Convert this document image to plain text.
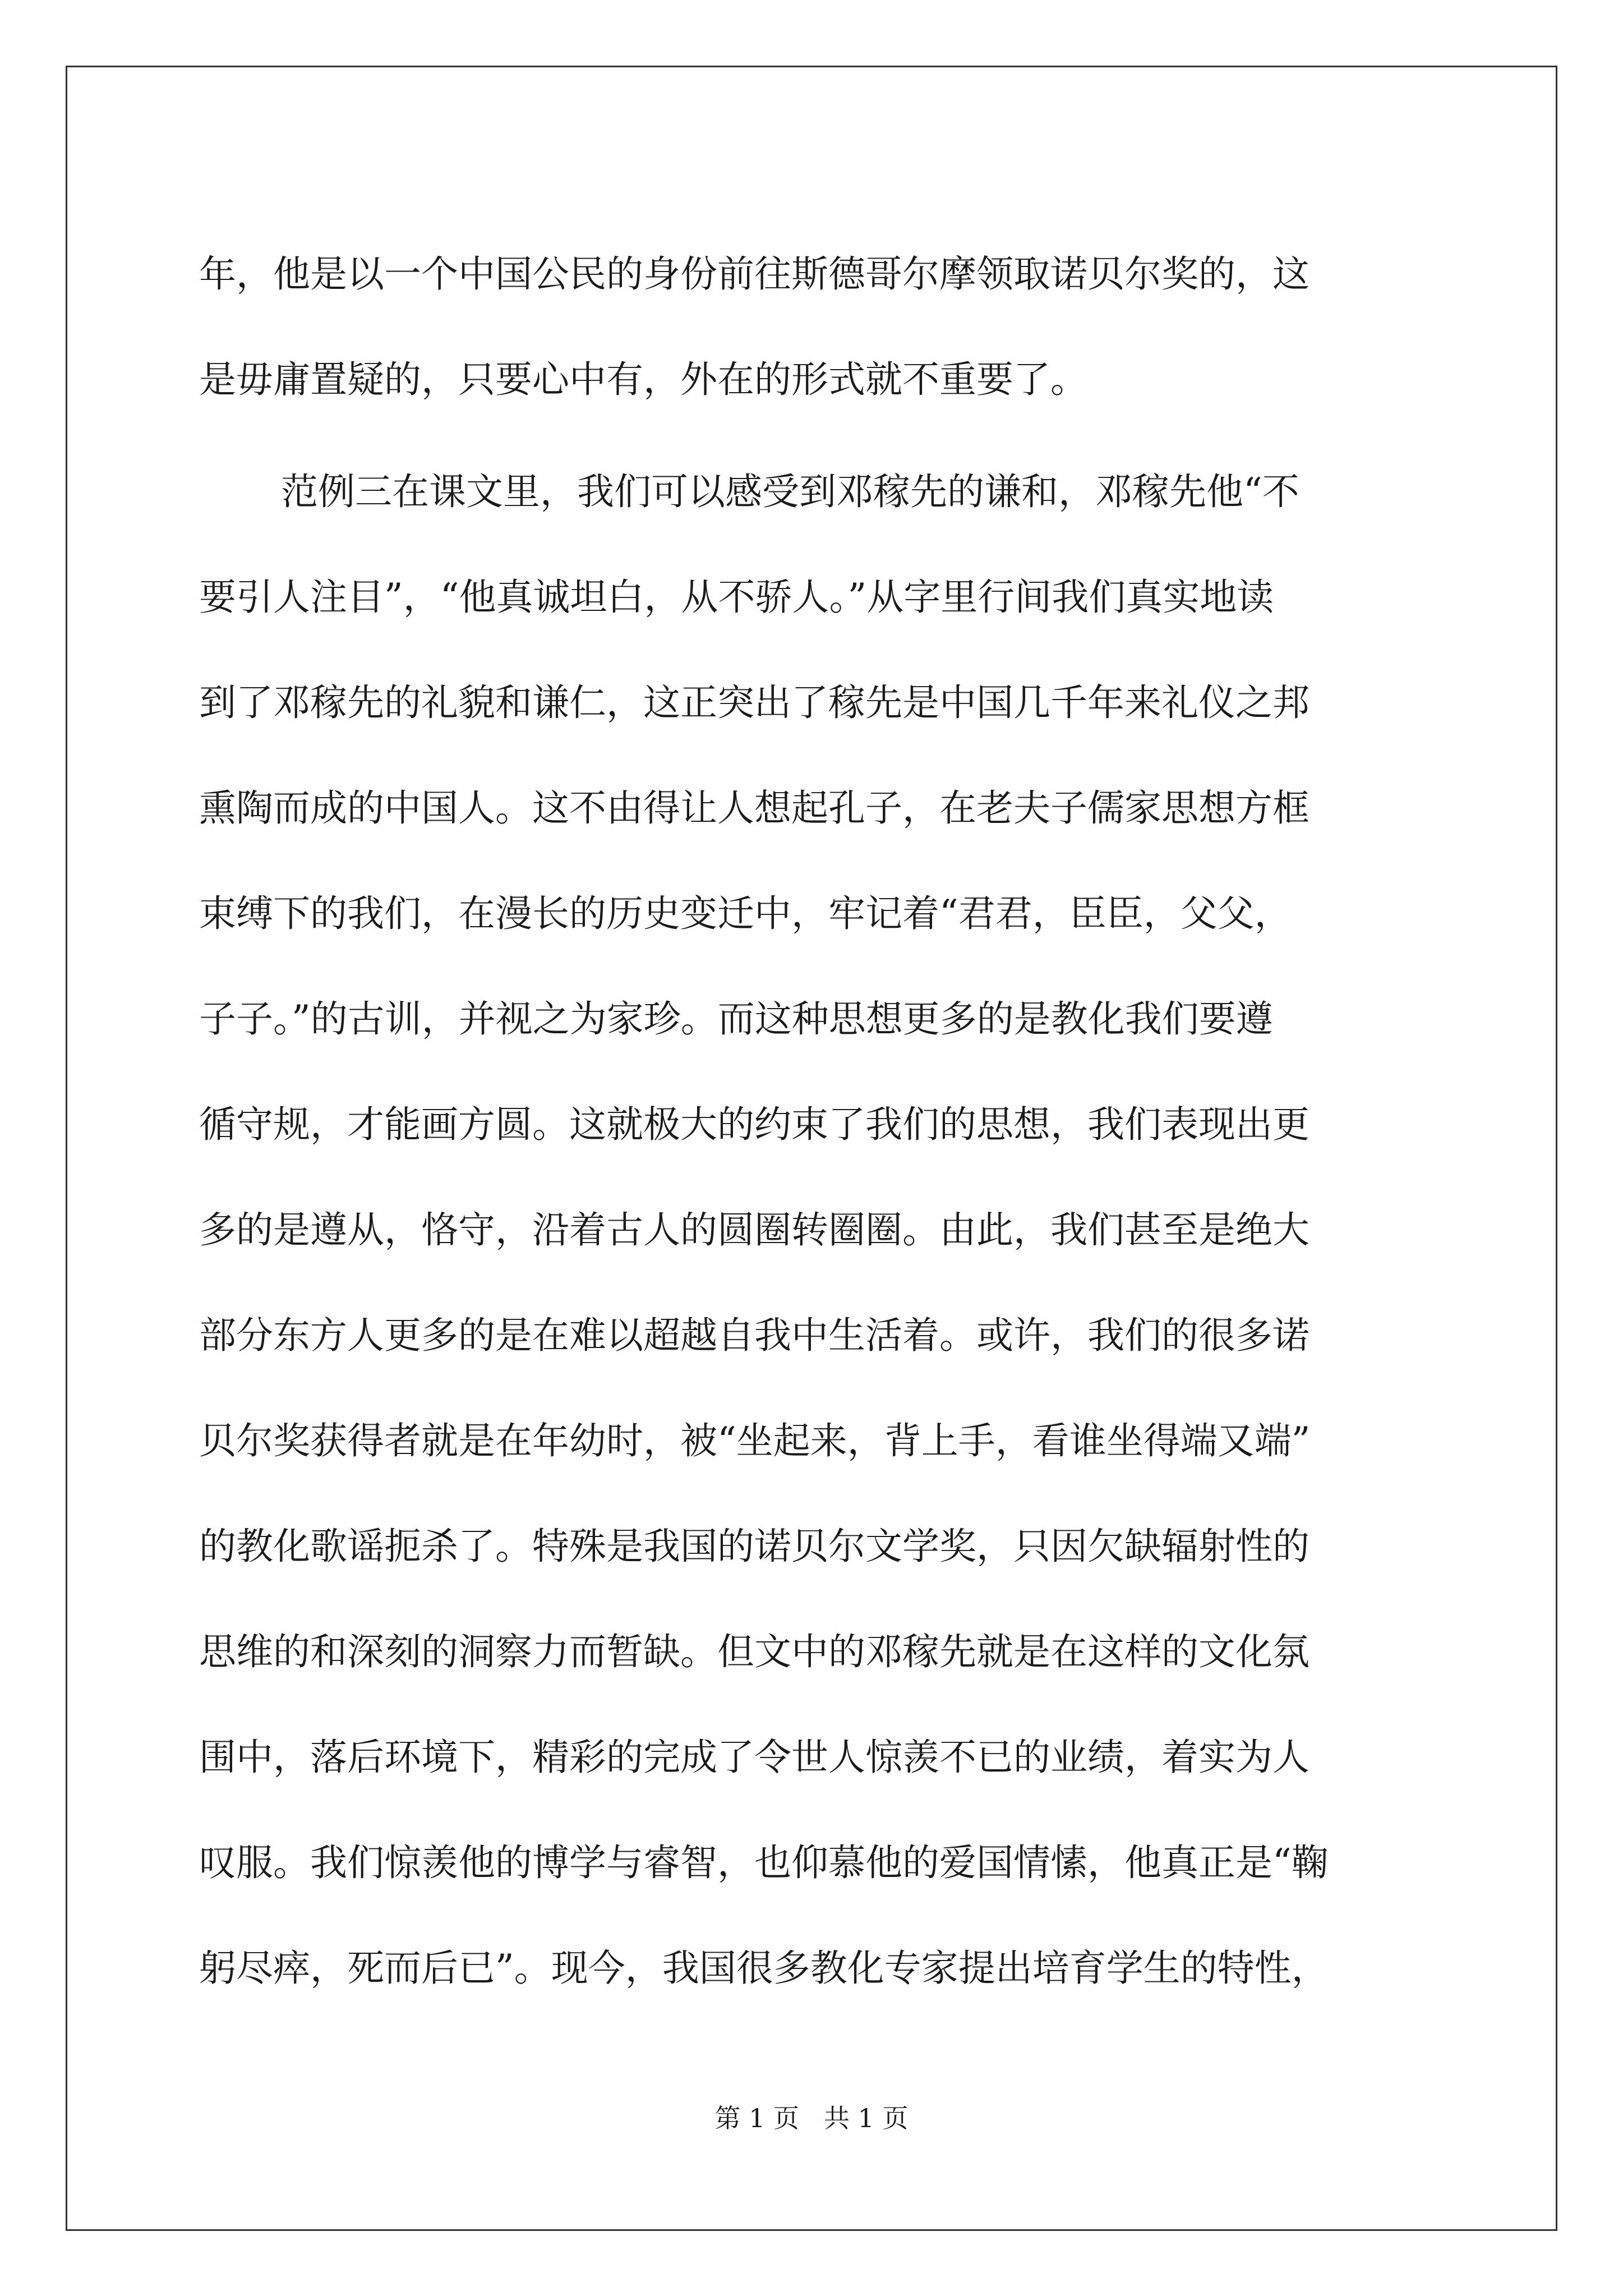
年，他是以一个中国公民的身份前往斯德哥尔摩领取诺贝尔奖的，这
是毋庸置疑的，只要心中有，外在的形式就不重要了。
范例三在课文里，我们可以感受到邓稼先的谦和，邓稼先他“不
要引人注目”，“他真诚坦白，从不骄人。”从字里行间我们真实地读
到了邓稼先的礼貌和谦仁，这正突出了稼先是中国几千年来礼仪之邦
熏陶而成的中国人。这不由得让人想起孔子，在老夫子儒家思想方框
束缚下的我们，在漫长的历史变迁中，牢记着“君君，臣臣，父父，
子子。”的古训，并视之为家珍。而这种思想更多的是教化我们要遵
循守规，才能画方圆。这就极大的约束了我们的思想，我们表现出更
多的是遵从，恪守，沿着古人的圆圈转圈圈。由此，我们甚至是绝大
部分东方人更多的是在难以超越自我中生活着。或许，我们的很多诺
贝尔奖获得者就是在年幼时，被“坐起来，背上手，看谁坐得端又端”
的教化歌谣扼杀了。特殊是我国的诺贝尔文学奖，只因欠缺辐射性的
思维的和深刻的洞察力而暂缺。但文中的邓稼先就是在这样的文化氛
围中，落后环境下，精彩的完成了令世人惊羡不已的业绩，着实为人
叹服。我们惊羡他的博学与睿智，也仰慕他的爱国情愫，他真正是“鞠
躬尽瘁，死而后已”。现今，我国很多教化专家提出培育学生的特性，
第 1 页 共 1 页
